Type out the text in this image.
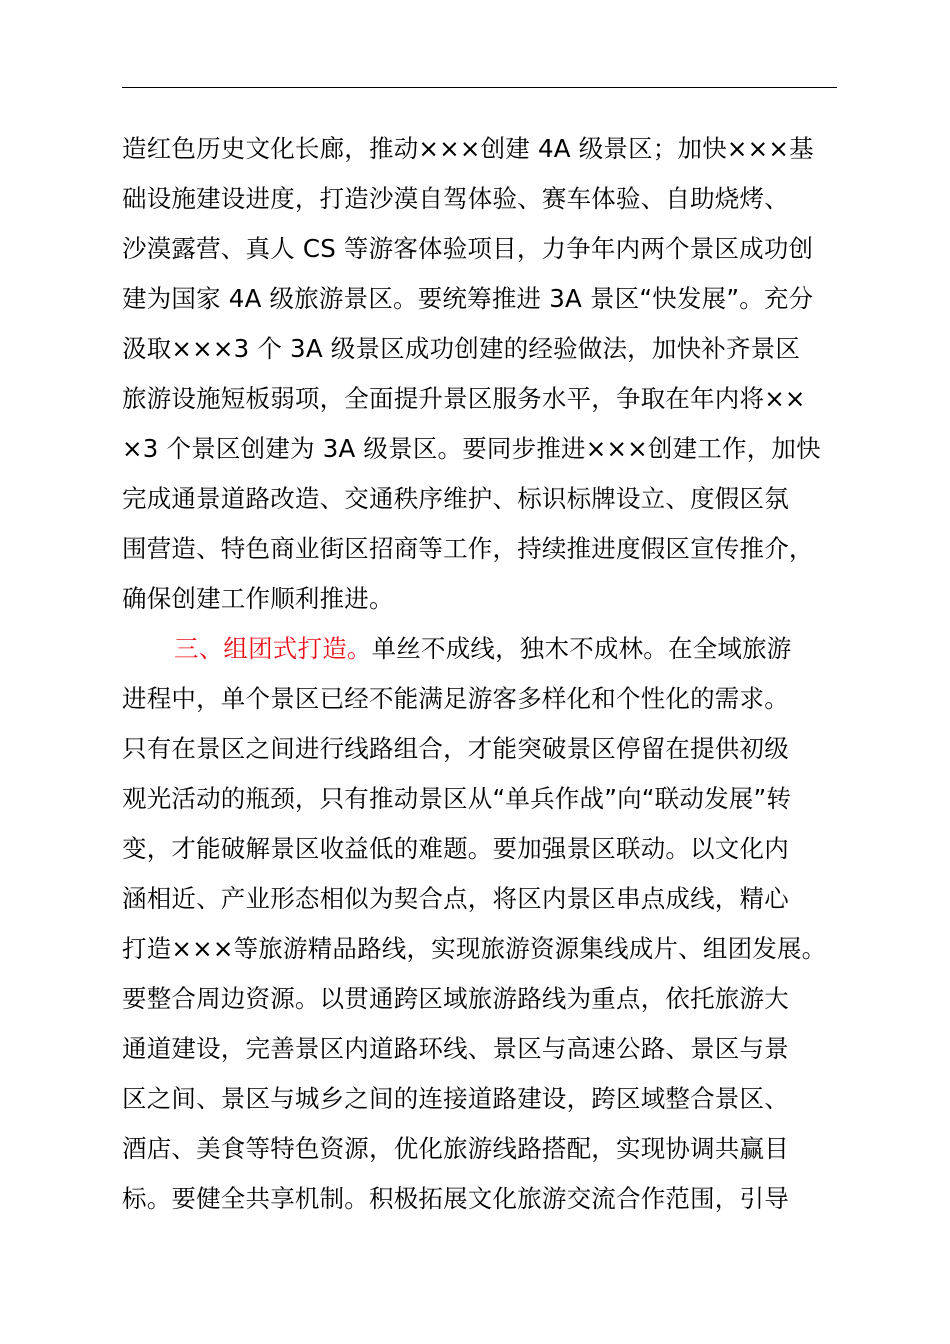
造红色历史文化长廊，推动×××创建 4A 级景区；加快×××基
础设施建设进度，打造沙漠自驾体验、赛车体验、自助烧烤、
沙漠露营、真人 CS 等游客体验项目，力争年内两个景区成功创
建为国家 4A 级旅游景区。要统筹推进 3A 景区“快发展”。充分
汲取×××3 个 3A 级景区成功创建的经验做法，加快补齐景区
旅游设施短板弱项，全面提升景区服务水平，争取在年内将××
×3 个景区创建为 3A 级景区。要同步推进×××创建工作，加快
完成通景道路改造、交通秩序维护、标识标牌设立、度假区氛
围营造、特色商业街区招商等工作，持续推进度假区宣传推介，
确保创建工作顺利推进。
三、组团式打造。单丝不成线，独木不成林。在全域旅游
进程中，单个景区已经不能满足游客多样化和个性化的需求。
只有在景区之间进行线路组合，才能突破景区停留在提供初级
观光活动的瓶颈，只有推动景区从“单兵作战”向“联动发展”转
变，才能破解景区收益低的难题。要加强景区联动。以文化内
涵相近、产业形态相似为契合点，将区内景区串点成线，精心
打造×××等旅游精品路线，实现旅游资源集线成片、组团发展。
要整合周边资源。以贯通跨区域旅游路线为重点，依托旅游大
通道建设，完善景区内道路环线、景区与高速公路、景区与景
区之间、景区与城乡之间的连接道路建设，跨区域整合景区、
酒店、美食等特色资源，优化旅游线路搭配，实现协调共赢目
标。要健全共享机制。积极拓展文化旅游交流合作范围，引导
